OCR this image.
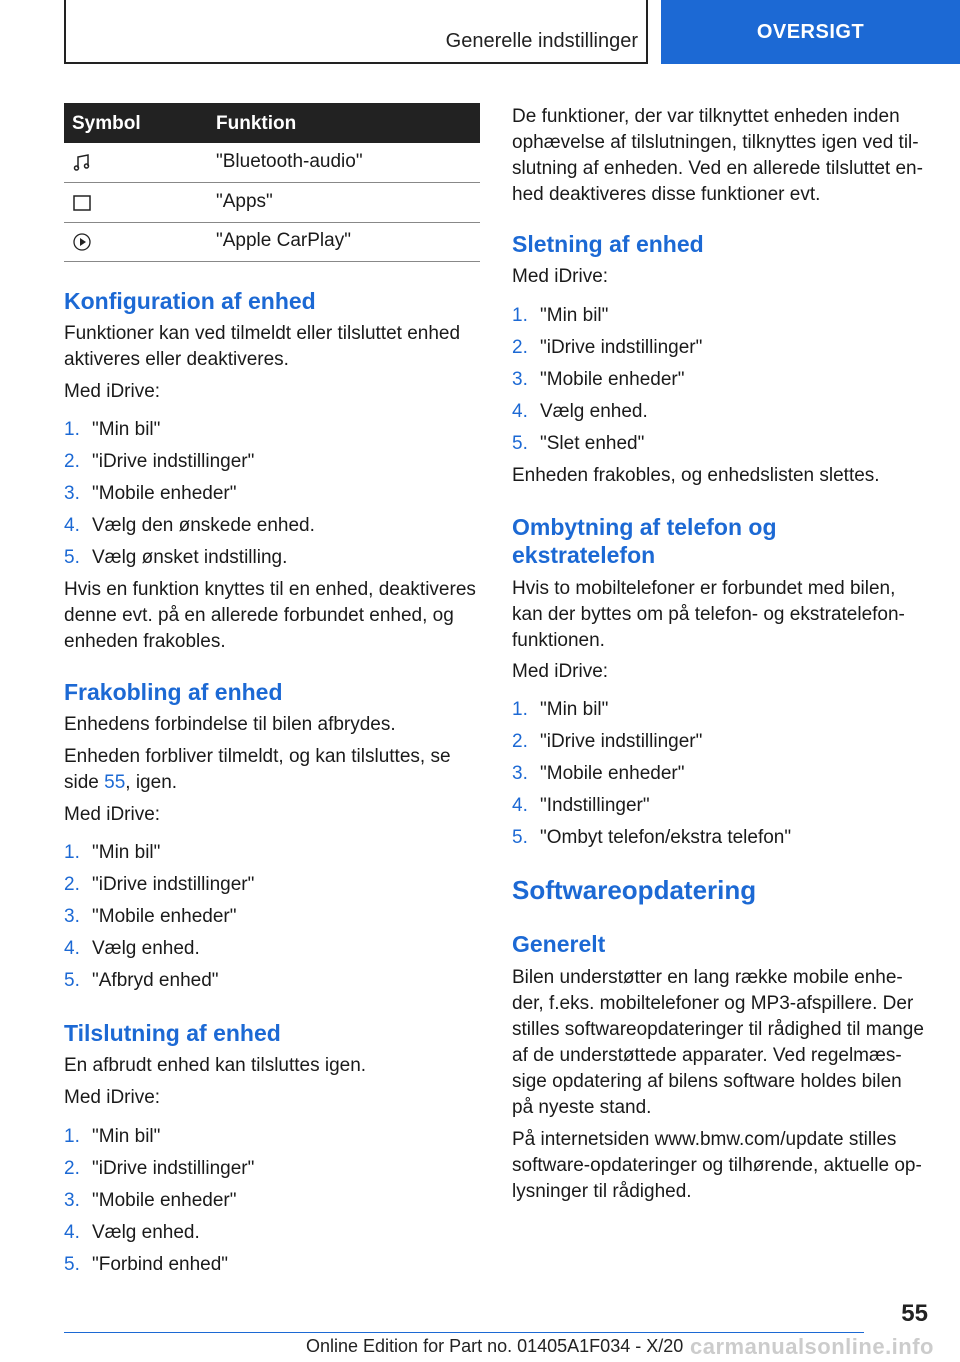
Generelle indstillinger	OVERSIGT
Symbol	Funktion
"Bluetooth-audio"
"Apps"
"Apple CarPlay"
Konfiguration af enhed
Funktioner kan ved tilmeldt eller tilsluttet enhed
aktiveres eller deaktiveres.
Med iDrive:
1. "Min bil"
2. "iDrive indstillinger"
3. "Mobile enheder"
4. Vælg den ønskede enhed.
5. Vælg ønsket indstilling.
Hvis en funktion knyttes til en enhed, deaktiveres
denne evt. på en allerede forbundet enhed, og
enheden frakobles.
Frakobling af enhed
Enhedens forbindelse til bilen afbrydes.
Enheden forbliver tilmeldt, og kan tilsluttes, se
side 55, igen.
Med iDrive:
1. "Min bil"
2. "iDrive indstillinger"
3. "Mobile enheder"
4. Vælg enhed.
5. "Afbryd enhed"
Tilslutning af enhed
En afbrudt enhed kan tilsluttes igen.
Med iDrive:
1. "Min bil"
2. "iDrive indstillinger"
3. "Mobile enheder"
4. Vælg enhed.
5. "Forbind enhed"
De funktioner, der var tilknyttet enheden inden
ophævelse af tilslutningen, tilknyttes igen ved til-
slutning af enheden. Ved en allerede tilsluttet en-
hed deaktiveres disse funktioner evt.
Sletning af enhed
Med iDrive:
1. "Min bil"
2. "iDrive indstillinger"
3. "Mobile enheder"
4. Vælg enhed.
5. "Slet enhed"
Enheden frakobles, og enhedslisten slettes.
Ombytning af telefon og
ekstratelefon
Hvis to mobiltelefoner er forbundet med bilen,
kan der byttes om på telefon- og ekstratelefon-
funktionen.
Med iDrive:
1. "Min bil"
2. "iDrive indstillinger"
3. "Mobile enheder"
4. "Indstillinger"
5. "Ombyt telefon/ekstra telefon"
Softwareopdatering
Generelt
Bilen understøtter en lang række mobile enhe-
der, f.eks. mobiltelefoner og MP3-afspillere. Der
stilles softwareopdateringer til rådighed til mange
af de understøttede apparater. Ved regelmæs-
sige opdatering af bilens software holdes bilen
på nyeste stand.
På internetsiden www.bmw.com/update stilles
software-opdateringer og tilhørende, aktuelle op-
lysninger til rådighed.
55
Online Edition for Part no. 01405A1F034 - X/20 carmanualsonline.info
